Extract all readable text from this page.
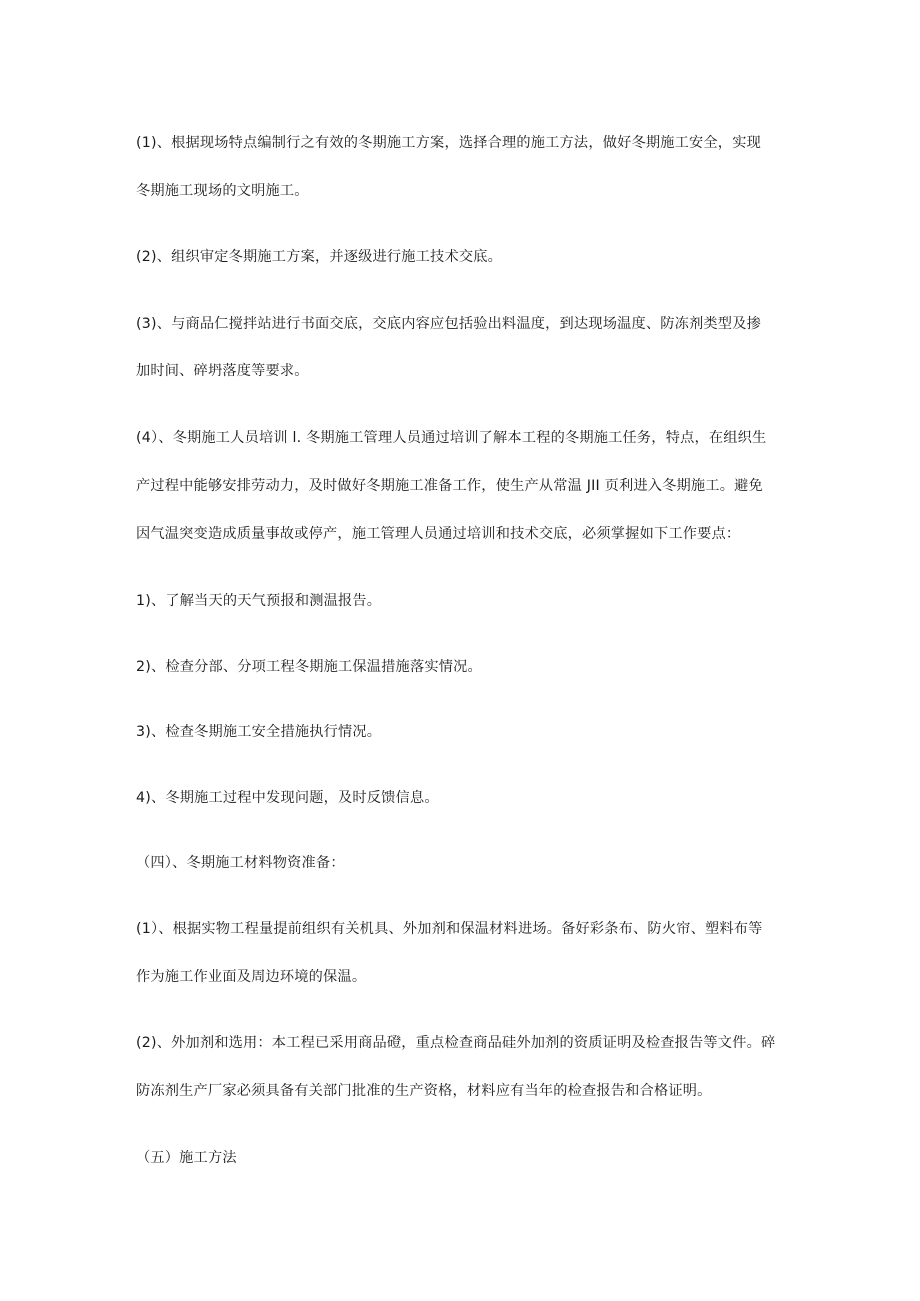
(1)、根据现场特点编制行之有效的冬期施工方案，选择合理的施工方法，做好冬期施工安全，实现
冬期施工现场的文明施工。
(2)、组织审定冬期施工方案，并逐级进行施工技术交底。
(3)、与商品仁搅拌站进行书面交底，交底内容应包括验出料温度，到达现场温度、防冻剂类型及掺
加时间、碎坍落度等要求。
(4）、冬期施工人员培训 l. 冬期施工管理人员通过培训了解本工程的冬期施工任务，特点，在组织生
产过程中能够安排劳动力，及时做好冬期施工准备工作，使生产从常温 JII 页利进入冬期施工。避免
因气温突变造成质量事故或停产，施工管理人员通过培训和技术交底，必须掌握如下工作要点：
1)、了解当天的天气预报和测温报告。
2)、检查分部、分项工程冬期施工保温措施落实情况。
3)、检查冬期施工安全措施执行情况。
4)、冬期施工过程中发现问题，及时反馈信息。
（四）、冬期施工材料物资准备：
(1）、根据实物工程量提前组织有关机具、外加剂和保温材料进场。备好彩条布、防火帘、塑料布等
作为施工作业面及周边环境的保温。
(2)、外加剂和选用：本工程已采用商品磴，重点检查商品硅外加剂的资质证明及检查报告等文件。碎
防冻剂生产厂家必须具备有关部门批准的生产资格，材料应有当年的检查报告和合格证明。
（五）施工方法
